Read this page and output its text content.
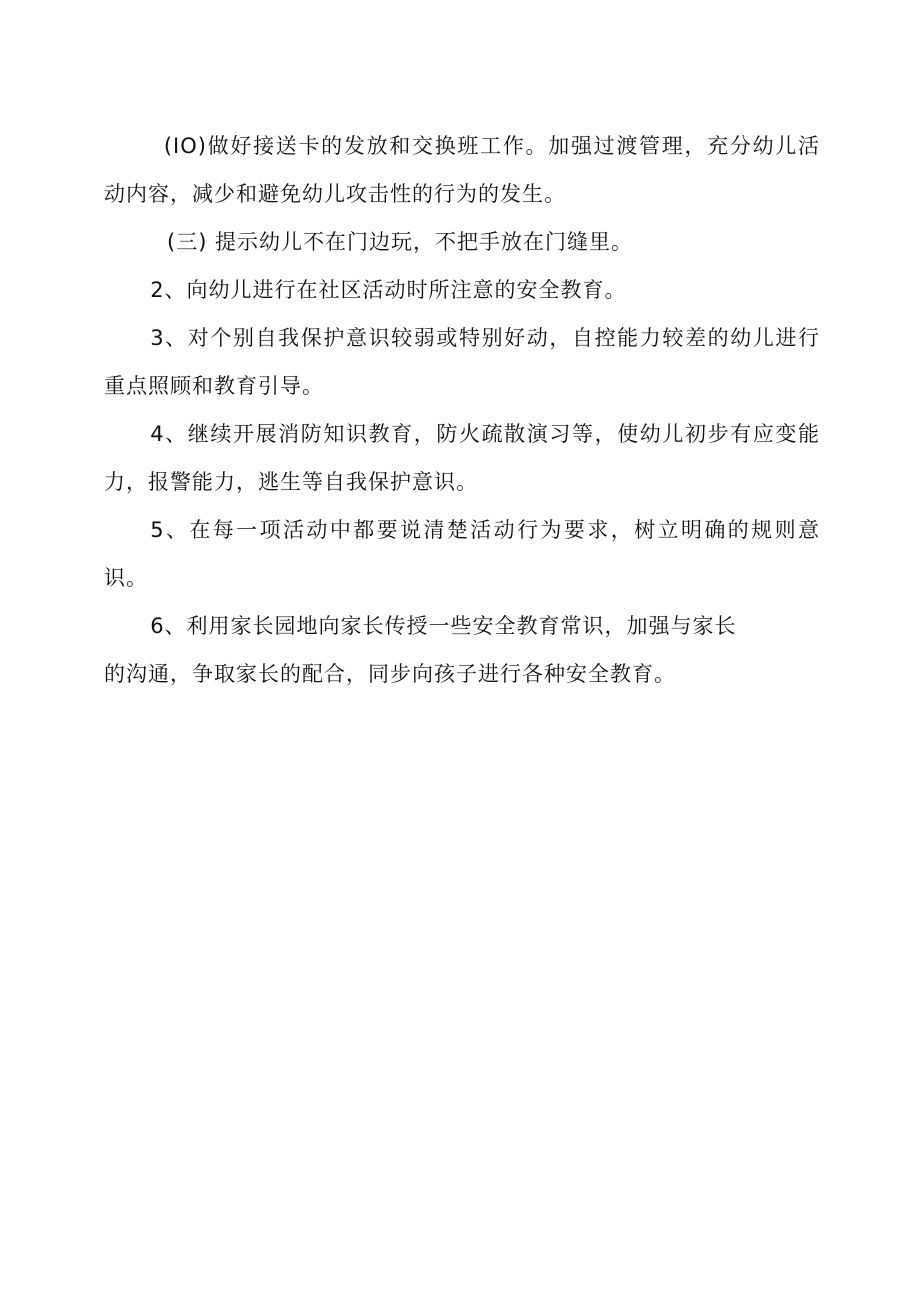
(IO)做好接送卡的发放和交换班工作。加强过渡管理，充分幼儿活动内容，减少和避免幼儿攻击性的行为的发生。

(三) 提示幼儿不在门边玩，不把手放在门缝里。

2、向幼儿进行在社区活动时所注意的安全教育。

3、对个别自我保护意识较弱或特别好动，自控能力较差的幼儿进行重点照顾和教育引导。

4、继续开展消防知识教育，防火疏散演习等，使幼儿初步有应变能力，报警能力，逃生等自我保护意识。

5、在每一项活动中都要说清楚活动行为要求，树立明确的规则意识。

6、利用家长园地向家长传授一些安全教育常识，加强与家长
的沟通，争取家长的配合，同步向孩子进行各种安全教育。
